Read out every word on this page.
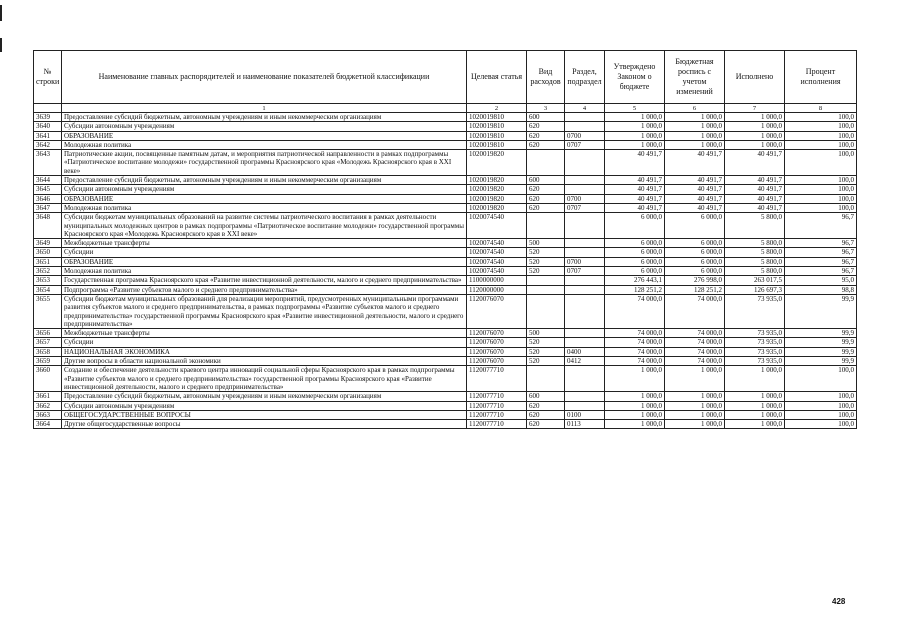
№ строки	Наименование главных распорядителей и наименование показателей бюджетной классификации	Целевая статья	Вид расходов	Раздел, подраздел	Утверждено Законом о бюджете	Бюджетная роспись с учетом изменений	Исполнено	Процент исполнения
	1	2	3	4	5	6	7	8
3639	Предоставление субсидий бюджетным, автономным учреждениям и иным некоммерческим организациям	1020019810	600		1 000,0	1 000,0	1 000,0	100,0
3640	Субсидии автономным учреждениям	1020019810	620		1 000,0	1 000,0	1 000,0	100,0
3641	ОБРАЗОВАНИЕ	1020019810	620	0700	1 000,0	1 000,0	1 000,0	100,0
3642	Молодежная политика	1020019810	620	0707	1 000,0	1 000,0	1 000,0	100,0
3643	Патриотические акции, посвященные памятным датам, и мероприятия патриотической направленности в рамках подпрограммы «Патриотическое воспитание молодежи» государственной программы Красноярского края «Молодежь Красноярского края в XXI веке»	1020019820			40 491,7	40 491,7	40 491,7	100,0
3644	Предоставление субсидий бюджетным, автономным учреждениям и иным некоммерческим организациям	1020019820	600		40 491,7	40 491,7	40 491,7	100,0
3645	Субсидии автономным учреждениям	1020019820	620		40 491,7	40 491,7	40 491,7	100,0
3646	ОБРАЗОВАНИЕ	1020019820	620	0700	40 491,7	40 491,7	40 491,7	100,0
3647	Молодежная политика	1020019820	620	0707	40 491,7	40 491,7	40 491,7	100,0
3648	Субсидии бюджетам муниципальных образований на развитие системы патриотического воспитания в рамках деятельности муниципальных молодежных центров в рамках подпрограммы «Патриотическое воспитание молодежи» государственной программы Красноярского края «Молодежь Красноярского края в XXI веке»	1020074540			6 000,0	6 000,0	5 800,0	96,7
3649	Межбюджетные трансферты	1020074540	500		6 000,0	6 000,0	5 800,0	96,7
3650	Субсидии	1020074540	520		6 000,0	6 000,0	5 800,0	96,7
3651	ОБРАЗОВАНИЕ	1020074540	520	0700	6 000,0	6 000,0	5 800,0	96,7
3652	Молодежная политика	1020074540	520	0707	6 000,0	6 000,0	5 800,0	96,7
3653	Государственная программа Красноярского края «Развитие инвестиционной деятельности, малого и среднего предпринимательства»	1100000000			276 443,1	276 998,0	263 017,5	95,0
3654	Подпрограмма «Развитие субъектов малого и среднего предпринимательства»	1120000000			128 251,2	128 251,2	126 697,3	98,8
3655	Субсидии бюджетам муниципальных образований для реализации мероприятий, предусмотренных муниципальными программами развития субъектов малого и среднего предпринимательства, в рамках подпрограммы «Развитие субъектов малого и среднего предпринимательства» государственной программы Красноярского края «Развитие инвестиционной деятельности, малого и среднего предпринимательства»	1120076070			74 000,0	74 000,0	73 935,0	99,9
3656	Межбюджетные трансферты	1120076070	500		74 000,0	74 000,0	73 935,0	99,9
3657	Субсидии	1120076070	520		74 000,0	74 000,0	73 935,0	99,9
3658	НАЦИОНАЛЬНАЯ ЭКОНОМИКА	1120076070	520	0400	74 000,0	74 000,0	73 935,0	99,9
3659	Другие вопросы в области национальной экономики	1120076070	520	0412	74 000,0	74 000,0	73 935,0	99,9
3660	Создание и обеспечение деятельности краевого центра инноваций социальной сферы Красноярского края в рамках подпрограммы «Развитие субъектов малого и среднего предпринимательства» государственной программы Красноярского края «Развитие инвестиционной деятельности, малого и среднего предпринимательства»	1120077710			1 000,0	1 000,0	1 000,0	100,0
3661	Предоставление субсидий бюджетным, автономным учреждениям и иным некоммерческим организациям	1120077710	600		1 000,0	1 000,0	1 000,0	100,0
3662	Субсидии автономным учреждениям	1120077710	620		1 000,0	1 000,0	1 000,0	100,0
3663	ОБЩЕГОСУДАРСТВЕННЫЕ ВОПРОСЫ	1120077710	620	0100	1 000,0	1 000,0	1 000,0	100,0
3664	Другие общегосударственные вопросы	1120077710	620	0113	1 000,0	1 000,0	1 000,0	100,0
428
